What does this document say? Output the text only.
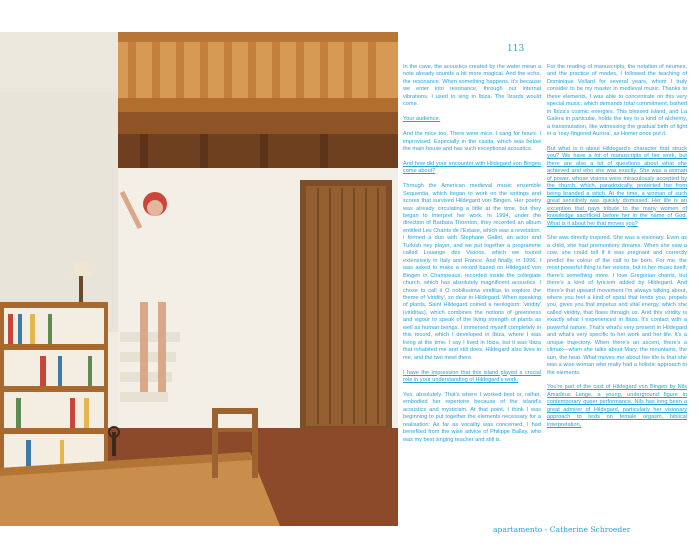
113

In the cave, the acoustics created by the water mean a note already sounds a bit more magical. And the echo, the resonance. When something happens, it's because we enter into resonance, through our internal vibrations. I used to sing in Ibiza. The lizards would come.

Your audience.

And the mice too. There were mice. I sang for hours. I improvised. Especially in the casita, which was below the main house and has such exceptional acoustics.

And how did your encounter with Hildegard von Bingen come about?

Through the American medieval music ensemble Sequentia, which began to work on the writings and scores that survived Hildegard von Bingen. Her poetry was already circulating a little at the time, but they began to interpret her work. In 1994, under the direction of Barbara Thornton, they recorded an album entitled Les Chants de l'Extase, which was a revelation. I formed a duo with Stephane Gallet, an actor and Turkish ney player, and we put together a programme called Louange des Visions, which we toured extensively in Italy and France. And finally, in 1996, I was asked to make a record based on Hildegard von Bingen in Champeaux, recorded inside the collegiate church, which has absolutely magnificent acoustics. I chose to call it O nobilissima viriditas to explore the theme of 'viridity', so dear to Hildegard. When speaking of plants, Saint Hildegard coined a neologism: 'viridity' (viriditas), which combines the notions of greenness and vigour to speak of the living strength of plants as well as human beings. I immersed myself completely in this record, which I developed in Ibiza, where I was living at the time. I say I lived in Ibiza, but it was Ibiza that inhabited me and still does. Hildegard also lives in me, and the two meet there.

I have the impression that this island played a crucial role in your understanding of Hildegard's work.

Yes, absolutely. That's where I worked best or, rather, embodied her repertoire because of the island's acoustics and mysticism. At that point, I think I was beginning to put together the elements necessary for a realisation: As far as vocality was concerned, I had benefited from the wise advice of Philippe Ballay, who was my best singing teacher and still is.

For the reading of manuscripts, the notation of neumes, and the practice of modes, I followed the teaching of Dominique Vellard for several years, whom I truly consider to be my master in medieval music. Thanks to these elements, I was able to concentrate on this very special music, which demands total commitment, bathed in Ibiza's cosmic energies. This blessed island, and La Galera in particular, holds the key to a kind of alchemy, a transmutation, like witnessing the gradual birth of light in a 'rosy-fingered Aurora', as Homer once put it.

But what is it about Hildegard's character that struck you? We have a lot of manuscripts of her work, but there are also a lot of questions about what she achieved and who she was exactly. She was a woman of power, whose visions were miraculously accepted by the church, which, paradoxically, protected her from being branded a witch. At the time, a woman of such great sensitivity was quickly dismissed. Her life is an exception that pays tribute to the many women of knowledge sacrificed before her in the name of God. What is it about her that moves you?

She was directly inspired. She was a visionary. Even as a child, she had premonitory dreams. When she saw a cow, she could tell if it was pregnant and correctly predict the colour of the calf to be born. For me, the most powerful thing is her visions, but in her music itself, there's something more. I love Gregorian chants, but there's a kind of lyricism added by Hildegard. And there's that upward movement I'm always talking about, where you feel a kind of spiral that lends you, propels you, gives you that impetus and vital energy, which she called viridity, that flows through us. And this viridity is exactly what I experienced in Ibiza. It's contact with a powerful nature. That's what's very present in Hildegard and what's very specific to her work and her life. It's a unique trajectory. When there's an ascent, there's a climax—when she talks about Mary, the mountains, the sun, the heat. What moves me about her life is that she was a wise woman who really had a holistic approach to the elements.

You're part of the cast of Hildegard von Bingen by Nils Amadeus Lange, a young, underground figure in contemporary queer performance. Nils has long been a great admirer of Hildegard, particularly her visionary approach to texts on female orgasm, biblical interpretation,

apartamento - Catherine Schroeder
